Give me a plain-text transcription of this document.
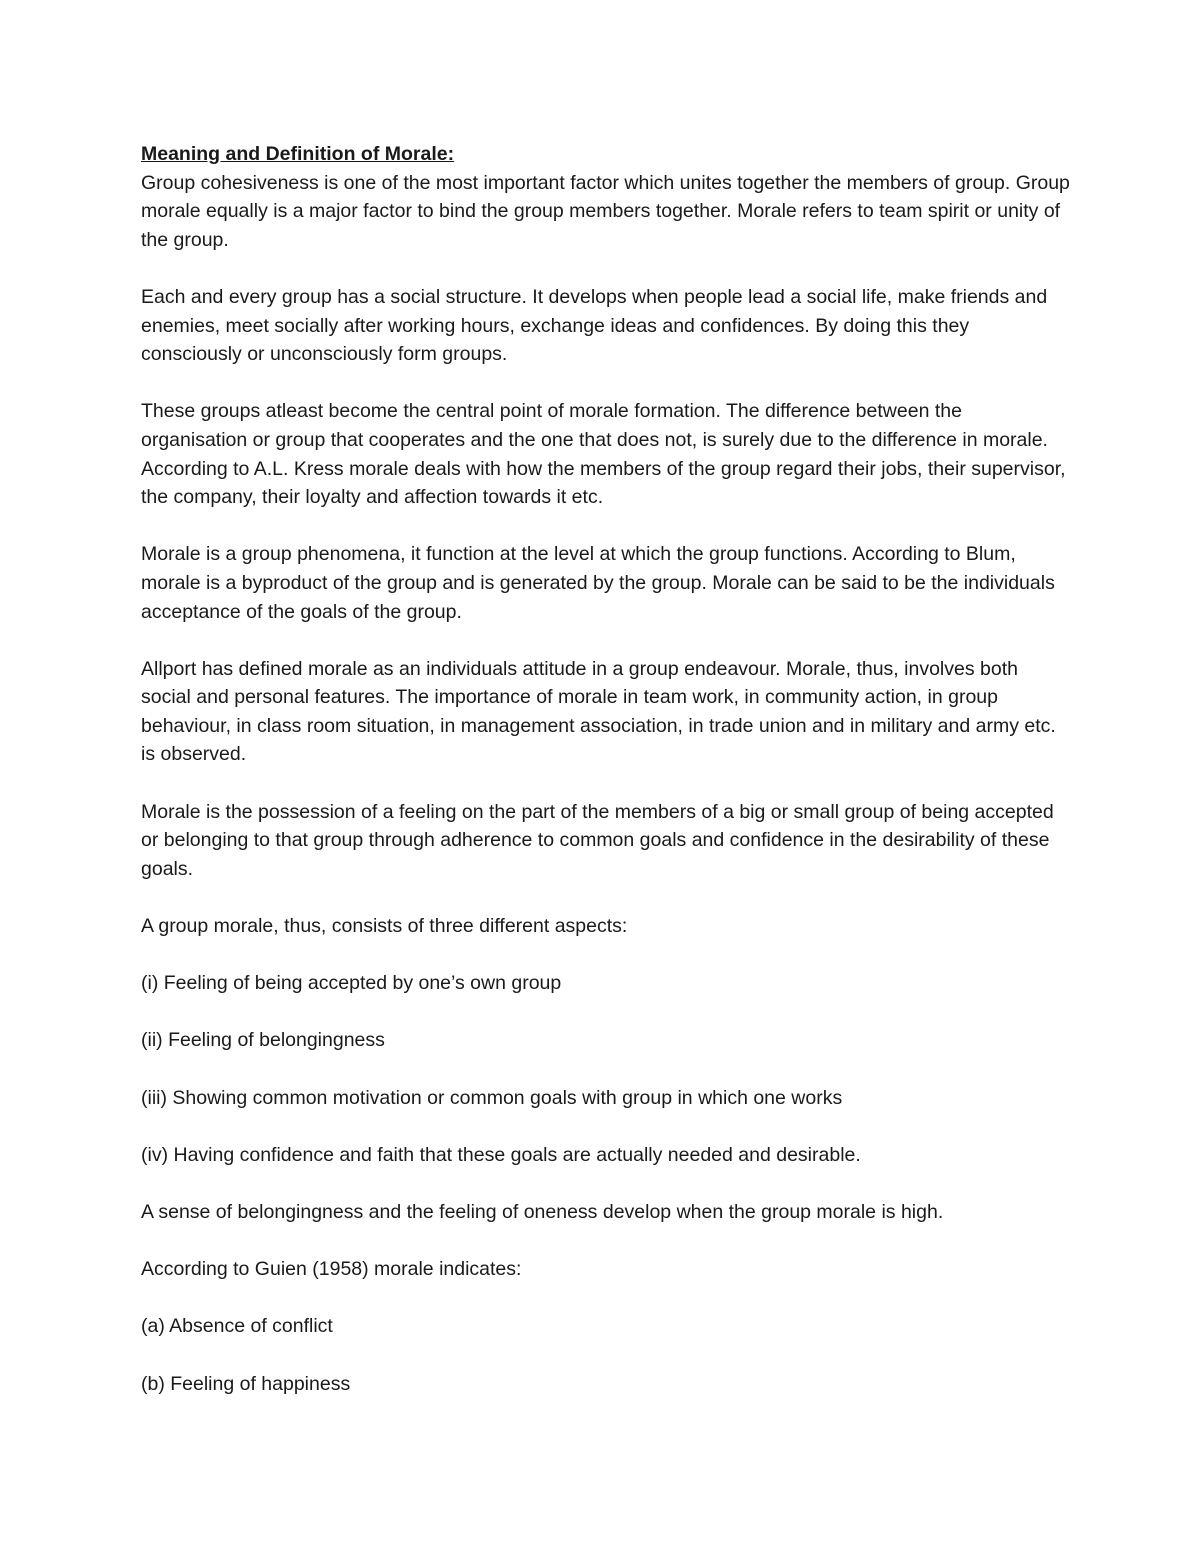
Meaning and Definition of Morale:

Group cohesiveness is one of the most important factor which unites together the members of group. Group morale equally is a major factor to bind the group members together. Morale refers to team spirit or unity of the group.

Each and every group has a social structure. It develops when people lead a social life, make friends and enemies, meet socially after working hours, exchange ideas and confidences. By doing this they consciously or unconsciously form groups.

These groups atleast become the central point of morale formation. The difference between the organisation or group that cooperates and the one that does not, is surely due to the difference in morale. According to A.L. Kress morale deals with how the members of the group regard their jobs, their supervisor, the company, their loyalty and affection towards it etc.

Morale is a group phenomena, it function at the level at which the group functions. According to Blum, morale is a byproduct of the group and is generated by the group. Morale can be said to be the individuals acceptance of the goals of the group.

Allport has defined morale as an individuals attitude in a group endeavour. Morale, thus, involves both social and personal features. The importance of morale in team work, in community action, in group behaviour, in class room situation, in management association, in trade union and in military and army etc. is observed.

Morale is the possession of a feeling on the part of the members of a big or small group of being accepted or belonging to that group through adherence to common goals and confidence in the desirability of these goals.

A group morale, thus, consists of three different aspects:

(i) Feeling of being accepted by one’s own group

(ii) Feeling of belongingness

(iii) Showing common motivation or common goals with group in which one works

(iv) Having confidence and faith that these goals are actually needed and desirable.

A sense of belongingness and the feeling of oneness develop when the group morale is high.

According to Guien (1958) morale indicates:

(a) Absence of conflict

(b) Feeling of happiness
